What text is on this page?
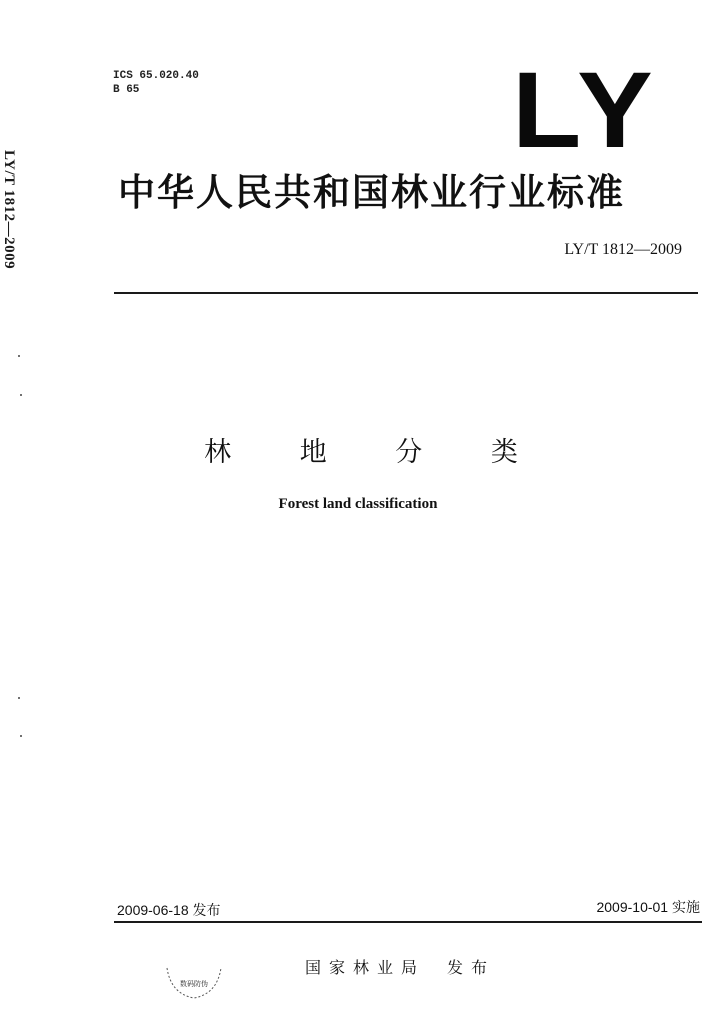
LY/T 1812—2009
ICS 65.020.40
B 65	LY
中华人民共和国林业行业标准
LY/T 1812—2009
林 地 分 类
Forest land classification
2009-06-18 发布	2009-10-01 实施
国家林业局 发布
数码防伪
